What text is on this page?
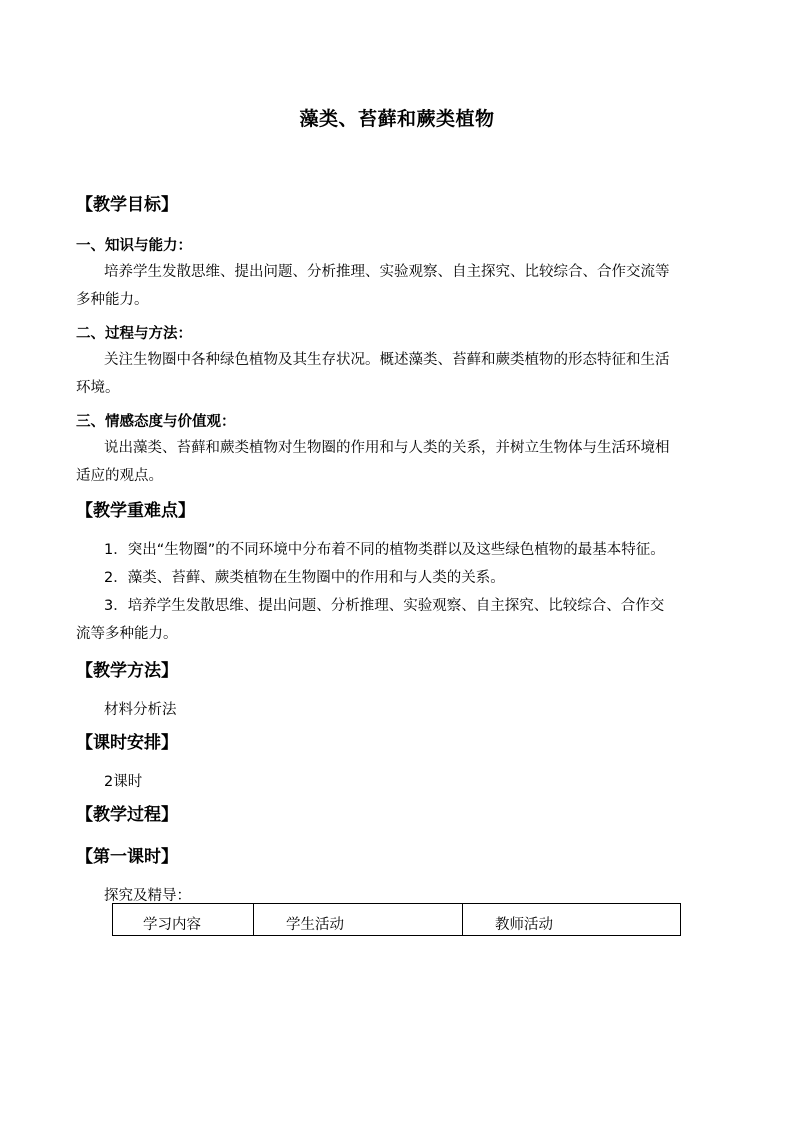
藻类、苔藓和蕨类植物
【教学目标】
一、知识与能力：
培养学生发散思维、提出问题、分析推理、实验观察、自主探究、比较综合、合作交流等
多种能力。
二、过程与方法：
关注生物圈中各种绿色植物及其生存状况。概述藻类、苔藓和蕨类植物的形态特征和生活
环境。
三、情感态度与价值观：
说出藻类、苔藓和蕨类植物对生物圈的作用和与人类的关系，并树立生物体与生活环境相
适应的观点。
【教学重难点】
1．突出“生物圈”的不同环境中分布着不同的植物类群以及这些绿色植物的最基本特征。
2．藻类、苔藓、蕨类植物在生物圈中的作用和与人类的关系。
3．培养学生发散思维、提出问题、分析推理、实验观察、自主探究、比较综合、合作交
流等多种能力。
【教学方法】
材料分析法
【课时安排】
2课时
【教学过程】
【第一课时】
探究及精导：
学习内容	学生活动	教师活动
